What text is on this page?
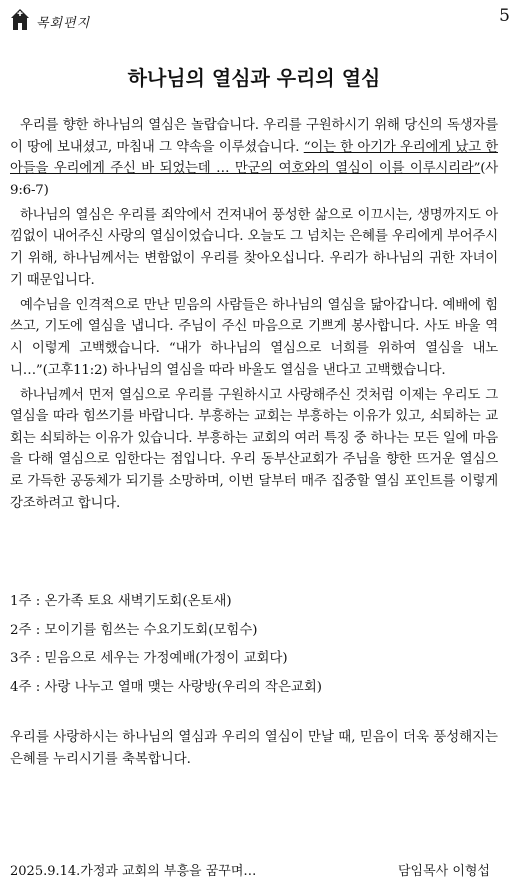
목회편지	5
하나님의 열심과 우리의 열심

우리를 향한 하나님의 열심은 놀랍습니다. 우리를 구원하시기 위해 당신의 독생자를 이 땅에 보내셨고, 마침내 그 약속을 이루셨습니다. “이는 한 아기가 우리에게 났고 한 아들을 우리에게 주신 바 되었는데 … 만군의 여호와의 열심이 이를 이루시리라”(사9:6-7)

하나님의 열심은 우리를 죄악에서 건져내어 풍성한 삶으로 이끄시는, 생명까지도 아낌없이 내어주신 사랑의 열심이었습니다. 오늘도 그 넘치는 은혜를 우리에게 부어주시기 위해, 하나님께서는 변함없이 우리를 찾아오십니다. 우리가 하나님의 귀한 자녀이기 때문입니다.

예수님을 인격적으로 만난 믿음의 사람들은 하나님의 열심을 닮아갑니다. 예배에 힘쓰고, 기도에 열심을 냅니다. 주님이 주신 마음으로 기쁘게 봉사합니다. 사도 바울 역시 이렇게 고백했습니다. “내가 하나님의 열심으로 너희를 위하여 열심을 내노니…”(고후11:2) 하나님의 열심을 따라 바울도 열심을 낸다고 고백했습니다.

하나님께서 먼저 열심으로 우리를 구원하시고 사랑해주신 것처럼 이제는 우리도 그 열심을 따라 힘쓰기를 바랍니다. 부흥하는 교회는 부흥하는 이유가 있고, 쇠퇴하는 교회는 쇠퇴하는 이유가 있습니다. 부흥하는 교회의 여러 특징 중 하나는 모든 일에 마음을 다해 열심으로 임한다는 점입니다. 우리 동부산교회가 주님을 향한 뜨거운 열심으로 가득한 공동체가 되기를 소망하며, 이번 달부터 매주 집중할 열심 포인트를 이렇게 강조하려고 합니다.

1주 : 온가족 토요 새벽기도회(온토새)
2주 : 모이기를 힘쓰는 수요기도회(모힘수)
3주 : 믿음으로 세우는 가정예배(가정이 교회다)
4주 : 사랑 나누고 열매 맺는 사랑방(우리의 작은교회)
우리를 사랑하시는 하나님의 열심과 우리의 열심이 만날 때, 믿음이 더욱 풍성해지는 은혜를 누리시기를 축복합니다.
2025.9.14.가정과 교회의 부흥을 꿈꾸며…	담임목사 이형섭
